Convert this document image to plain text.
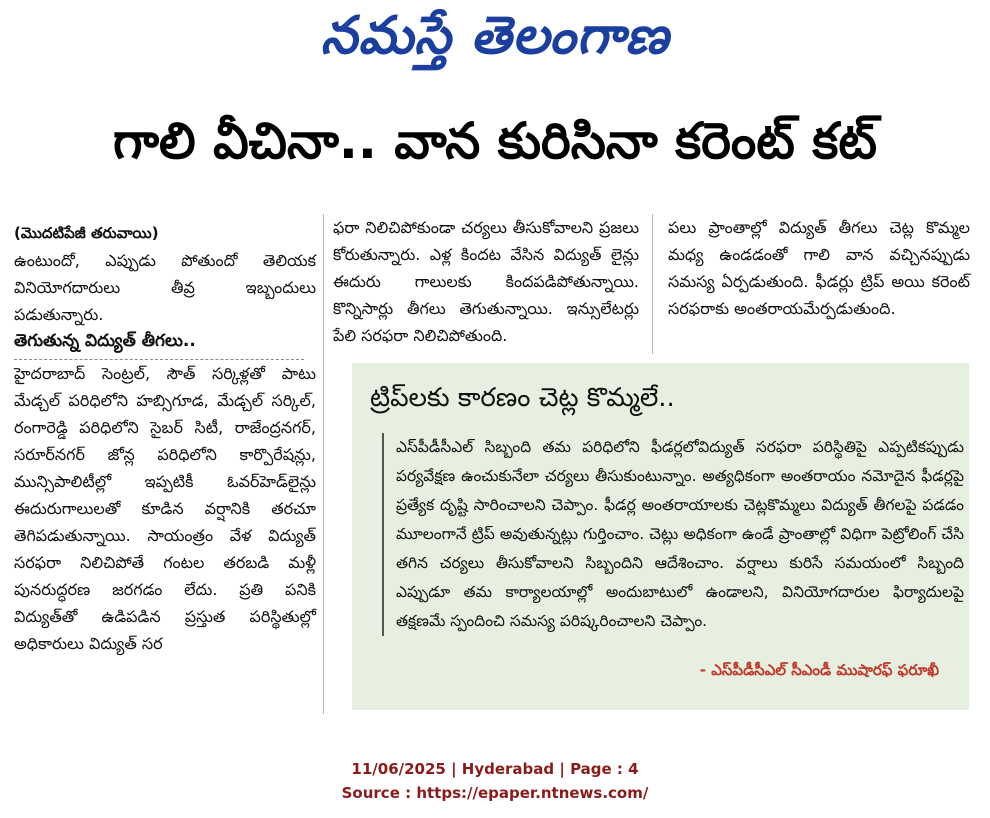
నమస్తే తెలంగాణ
గాలి వీచినా.. వాన కురిసినా కరెంట్‌ కట్‌

(మొదటిపేజీ తరువాయి)

ఉంటుందో, ఎప్పుడు పోతుందో తెలియక వినియోగదారులు తీవ్ర ఇబ్బందులు పడుతున్నారు.

తెగుతున్న విద్యుత్‌ తీగలు..

హైదరాబాద్‌ సెంట్రల్‌, సౌత్‌ సర్కిళ్లతో పాటు మేడ్చల్‌ పరిధిలోని హబ్సిగూడ, మేడ్చల్‌ సర్కిల్‌, రంగారెడ్డి పరిధిలోని సైబర్‌ సిటీ, రాజేంద్రనగర్‌, సరూర్‌నగర్‌ జోన్ల పరిధిలోని కార్పొరేషన్లు, మున్సిపాలిటీల్లో ఇప్పటికీ ఓవర్‌హెడ్‌లైన్లు ఈదురుగాలులతో కూడిన వర్షానికి తరచూ తెగిపడుతున్నాయి. సాయంత్రం వేళ విద్యుత్‌ సరఫరా నిలిచిపోతే గంటల తరబడి మళ్లీ పునరుద్ధరణ జరగడం లేదు. ప్రతి పనికి విద్యుత్‌తో ఉడిపడిన ప్రస్తుత పరిస్థితుల్లో అధికారులు విద్యుత్‌ సర

ఫరా నిలిచిపోకుండా చర్యలు తీసుకోవాలని ప్రజలు కోరుతున్నారు. ఎళ్ల కిందట వేసిన విద్యుత్‌ లైన్లు ఈదురు గాలులకు కిందపడిపోతున్నాయి. కొన్నిసార్లు తీగలు తెగుతున్నాయి. ఇన్సులేటర్లు పేలి సరఫరా నిలిచిపోతుంది.

పలు ప్రాంతాల్లో విద్యుత్‌ తీగలు చెట్ల కొమ్మల మధ్య ఉండడంతో గాలి వాన వచ్చినప్పుడు సమస్య ఏర్పడుతుంది. ఫీడర్లు ట్రిప్‌ అయి కరెంట్‌ సరఫరాకు అంతరాయమేర్పడుతుంది.

ట్రిప్‌లకు కారణం చెట్ల కొమ్మలే..
ఎస్‌పీడీసీఎల్‌ సిబ్బంది తమ పరిధిలోని ఫీడర్లలోవిద్యుత్‌ సరఫరా పరిస్థితిపై ఎప్పటికప్పుడు పర్యవేక్షణ ఉంచుకునేలా చర్యలు తీసుకుంటున్నాం. అత్యధికంగా అంతరాయం నమోదైన ఫీడర్లపై ప్రత్యేక దృష్టి సారించాలని చెప్పాం. ఫీడర్ల అంతరాయాలకు చెట్లకొమ్మలు విద్యుత్‌ తీగలపై పడడం మూలంగానే ట్రిప్‌ అవుతున్నట్లు గుర్తించాం. చెట్లు అధికంగా ఉండే ప్రాంతాల్లో విధిగా పెట్రోలింగ్‌ చేసి తగిన చర్యలు తీసుకోవాలని సిబ్బందిని ఆదేశించాం. వర్షాలు కురిసే సమయంలో సిబ్బంది ఎప్పుడూ తమ కార్యాలయాల్లో అందుబాటులో ఉండాలని, వినియోగదారుల ఫిర్యాదులపై తక్షణమే స్పందించి సమస్య పరిష్కరించాలని చెప్పాం.
- ఎస్‌పీడీసీఎల్‌ సీఎండీ ముషారఫ్‌ ఫరూఖీ
11/06/2025 | Hyderabad | Page : 4
Source : https://epaper.ntnews.com/
